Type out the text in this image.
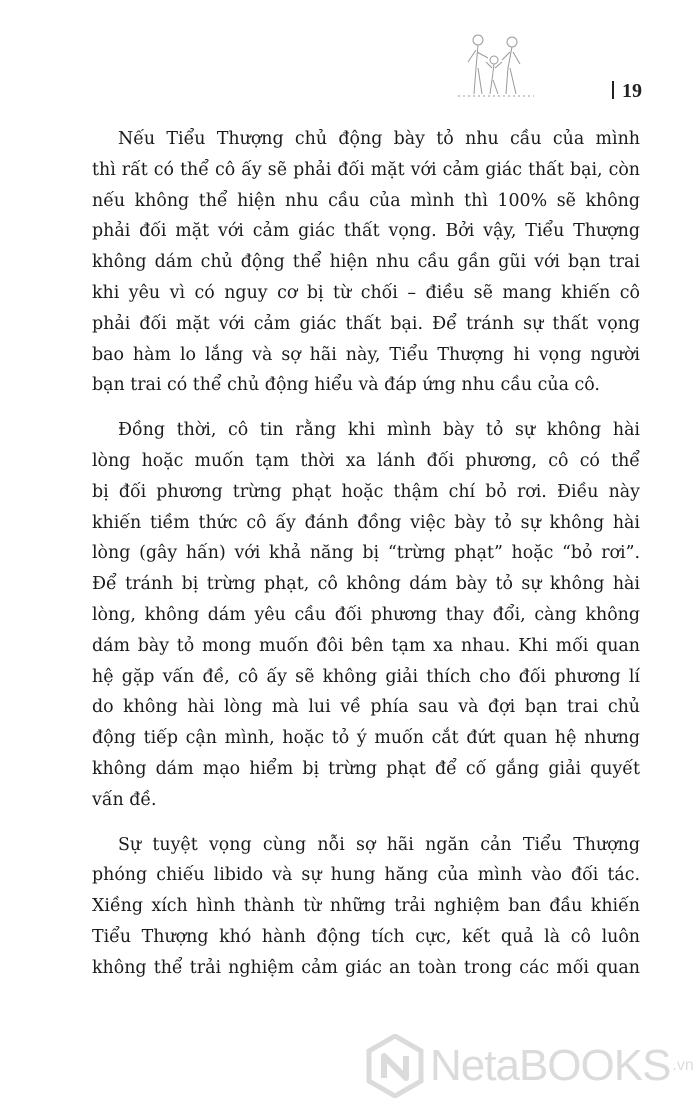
19
Nếu Tiểu Thượng chủ động bày tỏ nhu cầu của mình
thì rất có thể cô ấy sẽ phải đối mặt với cảm giác thất bại, còn
nếu không thể hiện nhu cầu của mình thì 100% sẽ không
phải đối mặt với cảm giác thất vọng. Bởi vậy, Tiểu Thượng
không dám chủ động thể hiện nhu cầu gần gũi với bạn trai
khi yêu vì có nguy cơ bị từ chối – điều sẽ mang khiến cô
phải đối mặt với cảm giác thất bại. Để tránh sự thất vọng
bao hàm lo lắng và sợ hãi này, Tiểu Thượng hi vọng người
bạn trai có thể chủ động hiểu và đáp ứng nhu cầu của cô.
Đồng thời, cô tin rằng khi mình bày tỏ sự không hài
lòng hoặc muốn tạm thời xa lánh đối phương, cô có thể
bị đối phương trừng phạt hoặc thậm chí bỏ rơi. Điều này
khiến tiềm thức cô ấy đánh đồng việc bày tỏ sự không hài
lòng (gây hấn) với khả năng bị “trừng phạt” hoặc “bỏ rơi”.
Để tránh bị trừng phạt, cô không dám bày tỏ sự không hài
lòng, không dám yêu cầu đối phương thay đổi, càng không
dám bày tỏ mong muốn đôi bên tạm xa nhau. Khi mối quan
hệ gặp vấn đề, cô ấy sẽ không giải thích cho đối phương lí
do không hài lòng mà lui về phía sau và đợi bạn trai chủ
động tiếp cận mình, hoặc tỏ ý muốn cắt đứt quan hệ nhưng
không dám mạo hiểm bị trừng phạt để cố gắng giải quyết
vấn đề.
Sự tuyệt vọng cùng nỗi sợ hãi ngăn cản Tiểu Thượng
phóng chiếu libido và sự hung hăng của mình vào đối tác.
Xiềng xích hình thành từ những trải nghiệm ban đầu khiến
Tiểu Thượng khó hành động tích cực, kết quả là cô luôn
không thể trải nghiệm cảm giác an toàn trong các mối quan
NetaBOOKS .vn
